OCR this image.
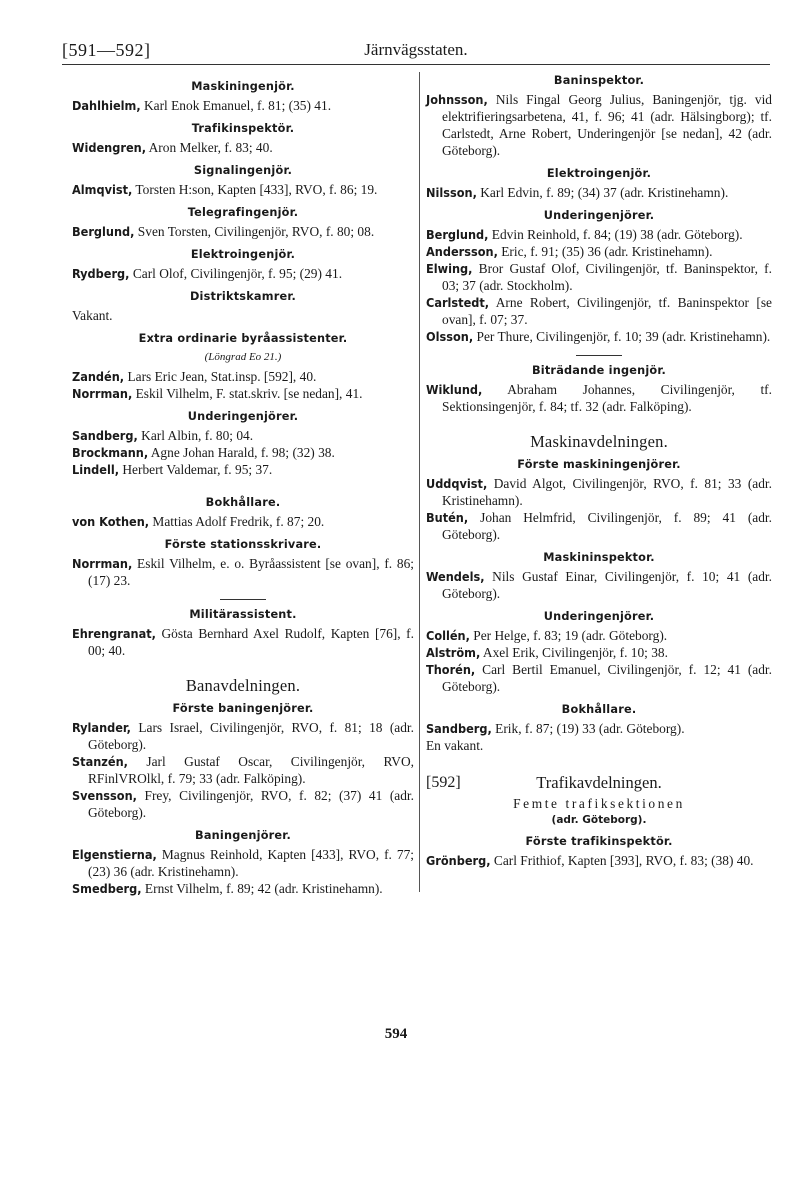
[591—592]	Järnvägsstaten.
Maskiningenjör.

Dahlhielm, Karl Enok Emanuel, f. 81; (35) 41.

Trafikinspektör.

Widengren, Aron Melker, f. 83; 40.

Signalingenjör.

Almqvist, Torsten H:son, Kapten [433], RVO, f. 86; 19.

Telegrafingenjör.

Berglund, Sven Torsten, Civilingenjör, RVO, f. 80; 08.

Elektroingenjör.

Rydberg, Carl Olof, Civilingenjör, f. 95; (29) 41.

Distriktskamrer.

Vakant.

Extra ordinarie byråassistenter.
(Löngrad Eo 21.)

Zandén, Lars Eric Jean, Stat.insp. [592], 40.

Norrman, Eskil Vilhelm, F. stat.skriv. [se nedan], 41.

Underingenjörer.

Sandberg, Karl Albin, f. 80; 04.

Brockmann, Agne Johan Harald, f. 98; (32) 38.

Lindell, Herbert Valdemar, f. 95; 37.

Bokhållare.

von Kothen, Mattias Adolf Fredrik, f. 87; 20.

Förste stationsskrivare.

Norrman, Eskil Vilhelm, e. o. Byråassistent [se ovan], f. 86; (17) 23.

Militärassistent.

Ehrengranat, Gösta Bernhard Axel Rudolf, Kapten [76], f. 00; 40.

Banavdelningen.
Förste baningenjörer.

Rylander, Lars Israel, Civilingenjör, RVO, f. 81; 18 (adr. Göteborg).

Stanzén, Jarl Gustaf Oscar, Civilingenjör, RVO, RFinlVROlkl, f. 79; 33 (adr. Falköping).

Svensson, Frey, Civilingenjör, RVO, f. 82; (37) 41 (adr. Göteborg).

Baningenjörer.

Elgenstierna, Magnus Reinhold, Kapten [433], RVO, f. 77; (23) 36 (adr. Kristinehamn).

Smedberg, Ernst Vilhelm, f. 89; 42 (adr. Kristinehamn).

Baninspektor.

Johnsson, Nils Fingal Georg Julius, Baningenjör, tjg. vid elektrifieringsarbetena, 41, f. 96; 41 (adr. Hälsingborg); tf. Carlstedt, Arne Robert, Underingenjör [se nedan], 42 (adr. Göteborg).

Elektroingenjör.

Nilsson, Karl Edvin, f. 89; (34) 37 (adr. Kristinehamn).

Underingenjörer.

Berglund, Edvin Reinhold, f. 84; (19) 38 (adr. Göteborg).

Andersson, Eric, f. 91; (35) 36 (adr. Kristinehamn).

Elwing, Bror Gustaf Olof, Civilingenjör, tf. Baninspektor, f. 03; 37 (adr. Stockholm).

Carlstedt, Arne Robert, Civilingenjör, tf. Baninspektor [se ovan], f. 07; 37.

Olsson, Per Thure, Civilingenjör, f. 10; 39 (adr. Kristinehamn).

Biträdande ingenjör.

Wiklund, Abraham Johannes, Civilingenjör, tf. Sektionsingenjör, f. 84; tf. 32 (adr. Falköping).

Maskinavdelningen.
Förste maskiningenjörer.

Uddqvist, David Algot, Civilingenjör, RVO, f. 81; 33 (adr. Kristinehamn).

Butén, Johan Helmfrid, Civilingenjör, f. 89; 41 (adr. Göteborg).

Maskininspektor.

Wendels, Nils Gustaf Einar, Civilingenjör, f. 10; 41 (adr. Göteborg).

Underingenjörer.

Collén, Per Helge, f. 83; 19 (adr. Göteborg).

Alström, Axel Erik, Civilingenjör, f. 10; 38.

Thorén, Carl Bertil Emanuel, Civilingenjör, f. 12; 41 (adr. Göteborg).

Bokhållare.

Sandberg, Erik, f. 87; (19) 33 (adr. Göteborg).

En vakant.

[592]	Trafikavdelningen.
Femte trafiksektionen
(adr. Göteborg).
Förste trafikinspektör.

Grönberg, Carl Frithiof, Kapten [393], RVO, f. 83; (38) 40.

594
